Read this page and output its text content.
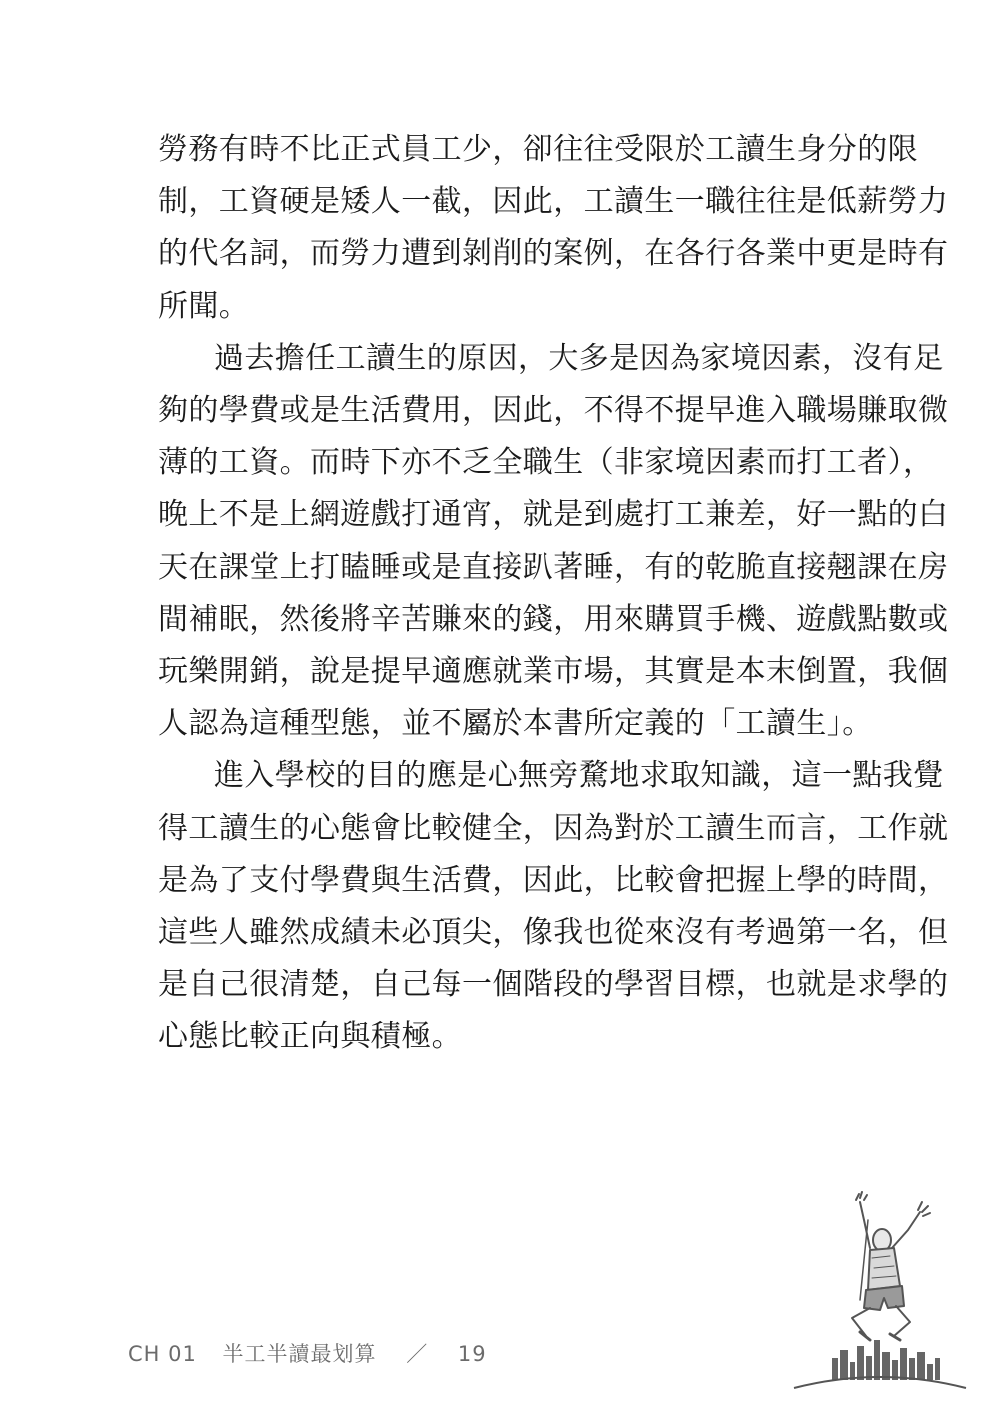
勞務有時不比正式員工少，卻往往受限於工讀生身分的限
制，工資硬是矮人一截，因此，工讀生一職往往是低薪勞力
的代名詞，而勞力遭到剝削的案例，在各行各業中更是時有
所聞。

過去擔任工讀生的原因，大多是因為家境因素，沒有足
夠的學費或是生活費用，因此，不得不提早進入職場賺取微
薄的工資。而時下亦不乏全職生（非家境因素而打工者），
晚上不是上網遊戲打通宵，就是到處打工兼差，好一點的白
天在課堂上打瞌睡或是直接趴著睡，有的乾脆直接翹課在房
間補眠，然後將辛苦賺來的錢，用來購買手機、遊戲點數或
玩樂開銷，說是提早適應就業市場，其實是本末倒置，我個
人認為這種型態，並不屬於本書所定義的「工讀生」。

進入學校的目的應是心無旁騖地求取知識，這一點我覺
得工讀生的心態會比較健全，因為對於工讀生而言，工作就
是為了支付學費與生活費，因此，比較會把握上學的時間，
這些人雖然成績未必頂尖，像我也從來沒有考過第一名，但
是自己很清楚，自己每一個階段的學習目標，也就是求學的
心態比較正向與積極。

CH 01 半工半讀最划算 ／ 19
